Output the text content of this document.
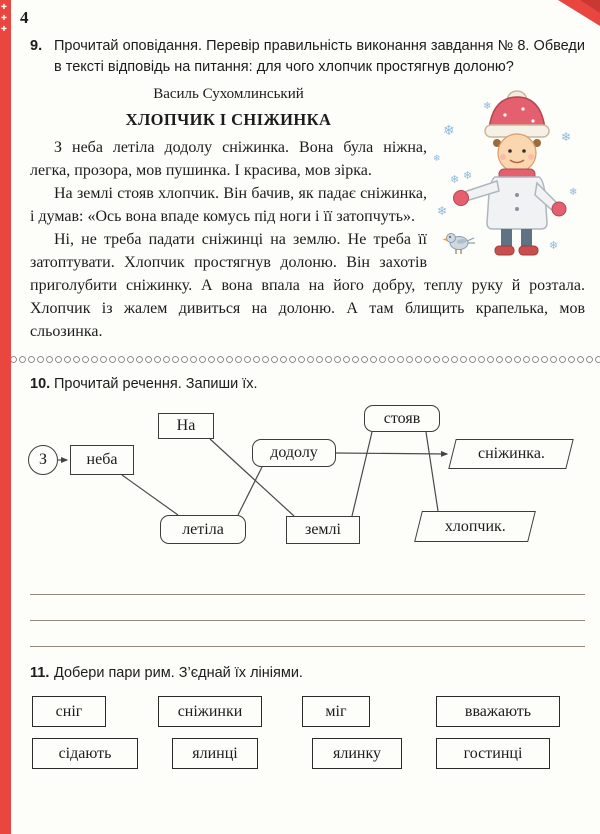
✚
✚
✚
4

9. Прочитай оповідання. Перевір правильність виконання завдання № 8. Обведи в тексті відповідь на питання: для чого хлопчик простягнув долоню?

❄
❄
❄
❄
❄
❄
❄
❄
❄

Василь Сухомлинський

ХЛОПЧИК І СНІЖИНКА

З неба летіла додолу сніжинка. Вона була ніжна, легка, прозора, мов пушинка. І красива, мов зірка.

На землі стояв хлопчик. Він бачив, як падає сніжинка, і думав: «Ось вона впаде комусь під ноги і її затопчуть».

Ні, не треба падати сніжинці на землю. Не треба її затоптувати. Хлопчик простягнув долоню. Він захотів приголубити сніжинку. А вона впала на його добру, теплу руку й розтала. Хлопчик із жалем дивиться на долоню. А там блищить крапелька, мов сльозинка.

10. Прочитай речення. Запиши їх.

З неба
На
додолу
стояв
сніжинка.
летіла	землі	хлопчик.

11. Добери пари рим. З’єднай їх лініями.

сніг	сніжинки	міг	вважають
сідають	ялинці	ялинку	гостинці
